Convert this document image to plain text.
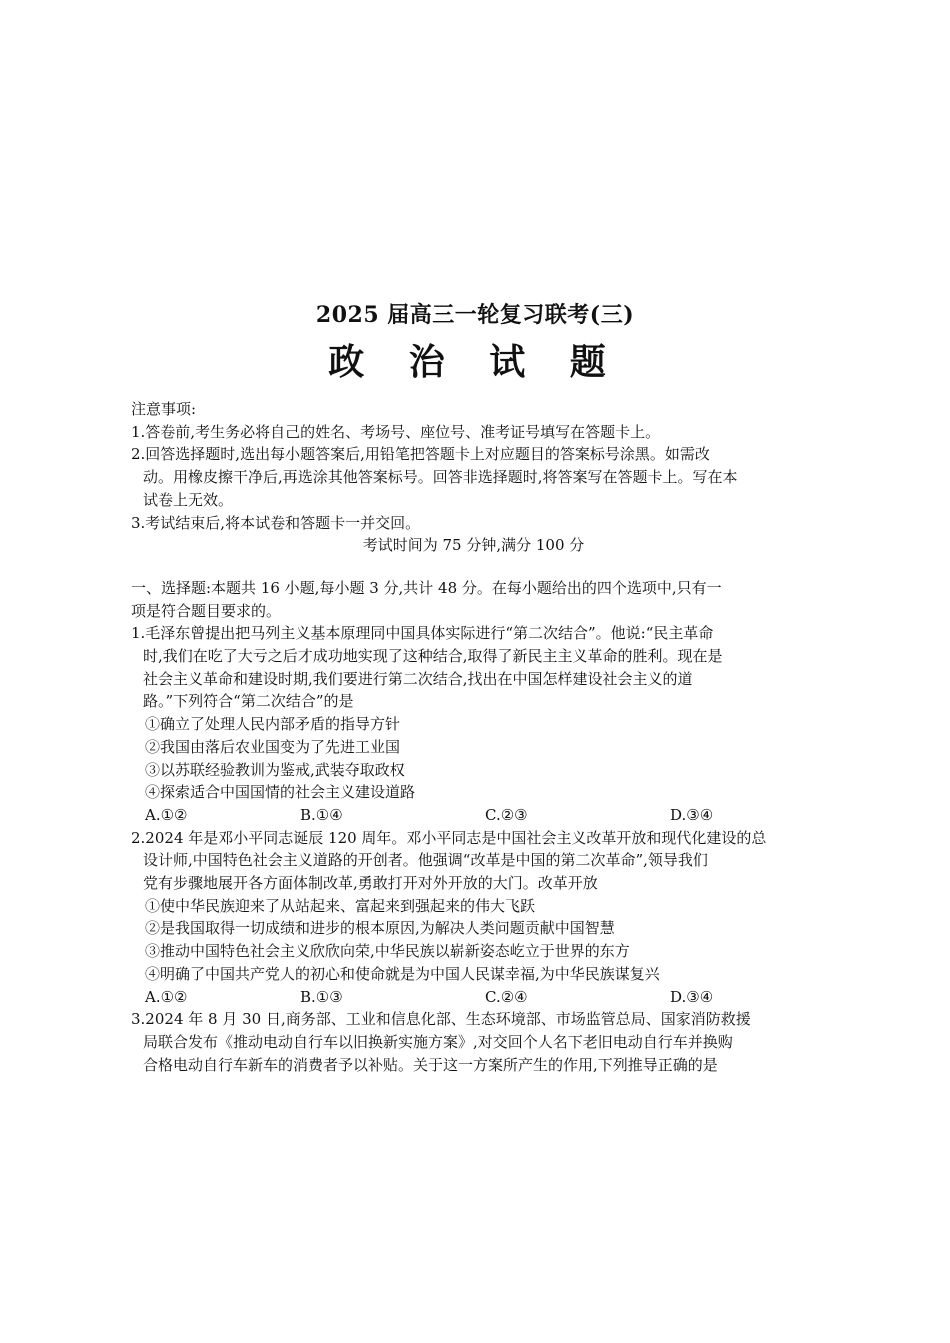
2025 届高三一轮复习联考(三)
政 治 试 题

注意事项:

1.答卷前,考生务必将自己的姓名、考场号、座位号、准考证号填写在答题卡上。

2.回答选择题时,选出每小题答案后,用铅笔把答题卡上对应题目的答案标号涂黑。如需改

动。用橡皮擦干净后,再选涂其他答案标号。回答非选择题时,将答案写在答题卡上。写在本

试卷上无效。

3.考试结束后,将本试卷和答题卡一并交回。

考试时间为 75 分钟,满分 100 分

一、选择题:本题共 16 小题,每小题 3 分,共计 48 分。在每小题给出的四个选项中,只有一

项是符合题目要求的。

1.毛泽东曾提出把马列主义基本原理同中国具体实际进行“第二次结合”。他说:“民主革命

时,我们在吃了大亏之后才成功地实现了这种结合,取得了新民主主义革命的胜利。现在是

社会主义革命和建设时期,我们要进行第二次结合,找出在中国怎样建设社会主义的道

路。”下列符合“第二次结合”的是

①确立了处理人民内部矛盾的指导方针

②我国由落后农业国变为了先进工业国

③以苏联经验教训为鉴戒,武装夺取政权

④探索适合中国国情的社会主义建设道路

A.①②	B.①④	C.②③	D.③④

2.2024 年是邓小平同志诞辰 120 周年。邓小平同志是中国社会主义改革开放和现代化建设的总

设计师,中国特色社会主义道路的开创者。他强调“改革是中国的第二次革命”,领导我们

党有步骤地展开各方面体制改革,勇敢打开对外开放的大门。改革开放

①使中华民族迎来了从站起来、富起来到强起来的伟大飞跃

②是我国取得一切成绩和进步的根本原因,为解决人类问题贡献中国智慧

③推动中国特色社会主义欣欣向荣,中华民族以崭新姿态屹立于世界的东方

④明确了中国共产党人的初心和使命就是为中国人民谋幸福,为中华民族谋复兴

A.①②	B.①③	C.②④	D.③④

3.2024 年 8 月 30 日,商务部、工业和信息化部、生态环境部、市场监管总局、国家消防救援

局联合发布《推动电动自行车以旧换新实施方案》,对交回个人名下老旧电动自行车并换购

合格电动自行车新车的消费者予以补贴。关于这一方案所产生的作用,下列推导正确的是
